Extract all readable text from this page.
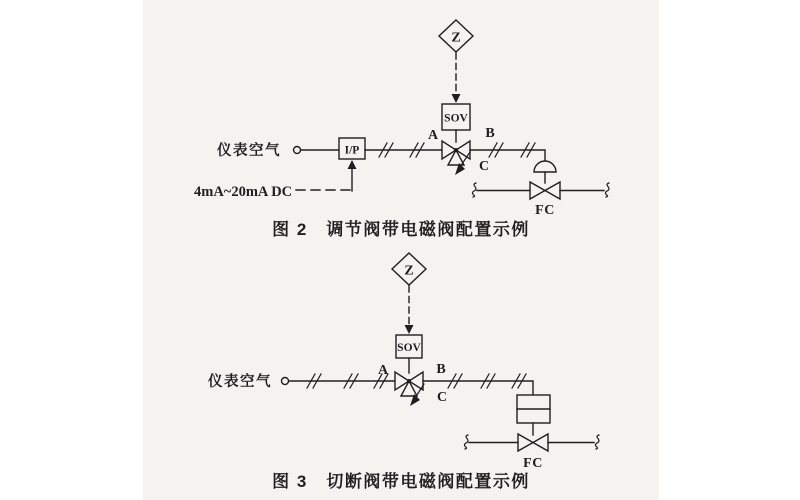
Z
SOV
仪表空气	I/P
4mA~20mA DC
A	B
C
FC
图 2　调节阀带电磁阀配置示例
Z
SOV
仪表空气
A	B
C
FC
图 3　切断阀带电磁阀配置示例
